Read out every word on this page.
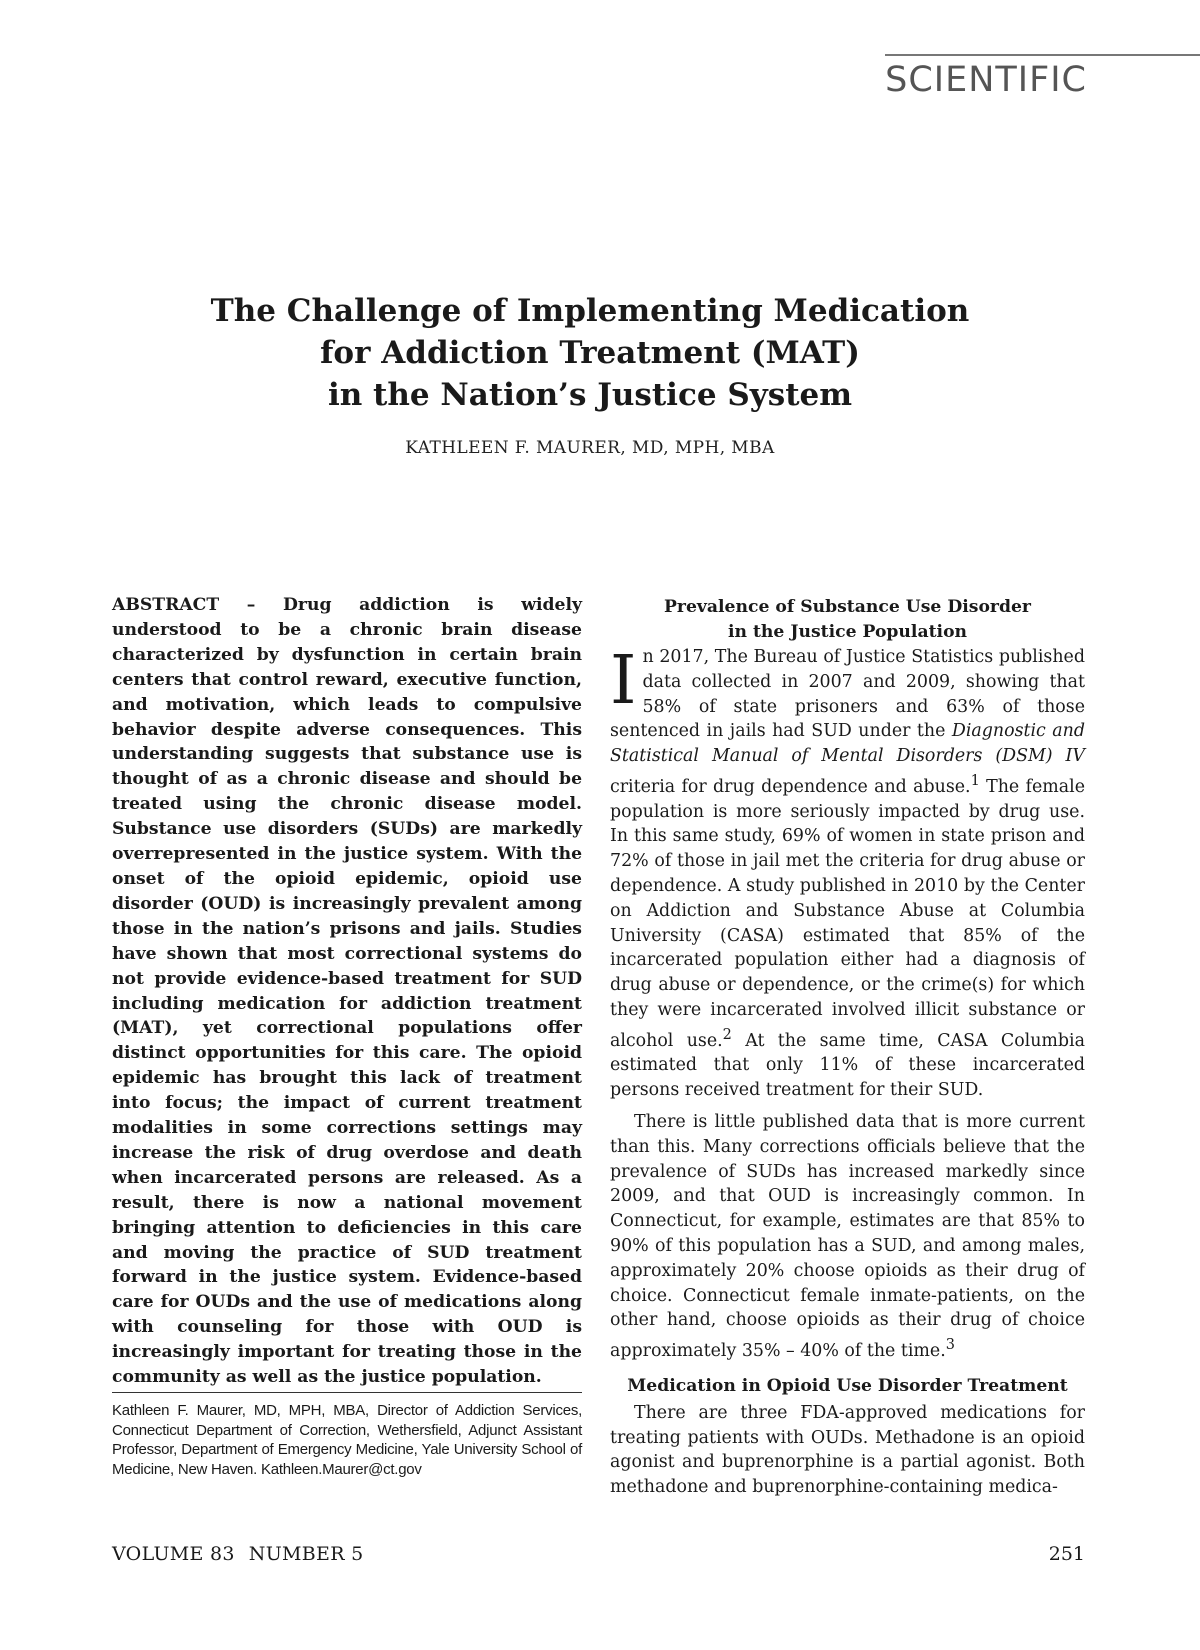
SCIENTIFIC
The Challenge of Implementing Medication
for Addiction Treatment (MAT)
in the Nation’s Justice System
KATHLEEN F. MAURER, MD, MPH, MBA

ABSTRACT – Drug addiction is widely understood to be a chronic brain disease characterized by dysfunction in certain brain centers that control reward, executive function, and motivation, which leads to compulsive behavior despite adverse consequences. This understanding suggests that substance use is thought of as a chronic disease and should be treated using the chronic disease model. Substance use disorders (SUDs) are markedly overrepresented in the justice system. With the onset of the opioid epidemic, opioid use disorder (OUD) is increasingly prevalent among those in the nation’s prisons and jails. Studies have shown that most correctional systems do not provide evidence-based treatment for SUD including medication for addiction treatment (MAT), yet correctional populations offer distinct opportunities for this care. The opioid epidemic has brought this lack of treatment into focus; the impact of current treatment modalities in some corrections settings may increase the risk of drug overdose and death when incarcerated persons are released. As a result, there is now a national movement bringing attention to deficiencies in this care and moving the practice of SUD treatment forward in the justice system. Evidence-based care for OUDs and the use of medications along with counseling for those with OUD is increasingly important for treating those in the community as well as the justice population.

Kathleen F. Maurer, MD, MPH, MBA, Director of Addiction Services, Connecticut Department of Correction, Wethersfield, Adjunct Assistant Professor, Department of Emergency Medicine, Yale University School of Medicine, New Haven. Kathleen.Maurer@ct.gov

Prevalence of Substance Use Disorder
in the Justice Population

In 2017, The Bureau of Justice Statistics published data collected in 2007 and 2009, showing that 58% of state prisoners and 63% of those sentenced in jails had SUD under the Diagnostic and Statistical Manual of Mental Disorders (DSM) IV criteria for drug dependence and abuse.$^1$ The female population is more seriously impacted by drug use. In this same study, 69% of women in state prison and 72% of those in jail met the criteria for drug abuse or dependence. A study published in 2010 by the Center on Addiction and Substance Abuse at Columbia University (CASA) estimated that 85% of the incarcerated population either had a diagnosis of drug abuse or dependence, or the crime(s) for which they were incarcerated involved illicit substance or alcohol use.$^2$ At the same time, CASA Columbia estimated that only 11% of these incarcerated persons received treatment for their SUD.

There is little published data that is more current than this. Many corrections officials believe that the prevalence of SUDs has increased markedly since 2009, and that OUD is increasingly common. In Connecticut, for example, estimates are that 85% to 90% of this population has a SUD, and among males, approximately 20% choose opioids as their drug of choice. Connecticut female inmate-patients, on the other hand, choose opioids as their drug of choice approximately 35% – 40% of the time.$^3$

Medication in Opioid Use Disorder Treatment

There are three FDA-approved medications for treating patients with OUDs. Methadone is an opioid agonist and buprenorphine is a partial agonist. Both methadone and buprenorphine-containing medica-

VOLUME 83 NUMBER 5	251
